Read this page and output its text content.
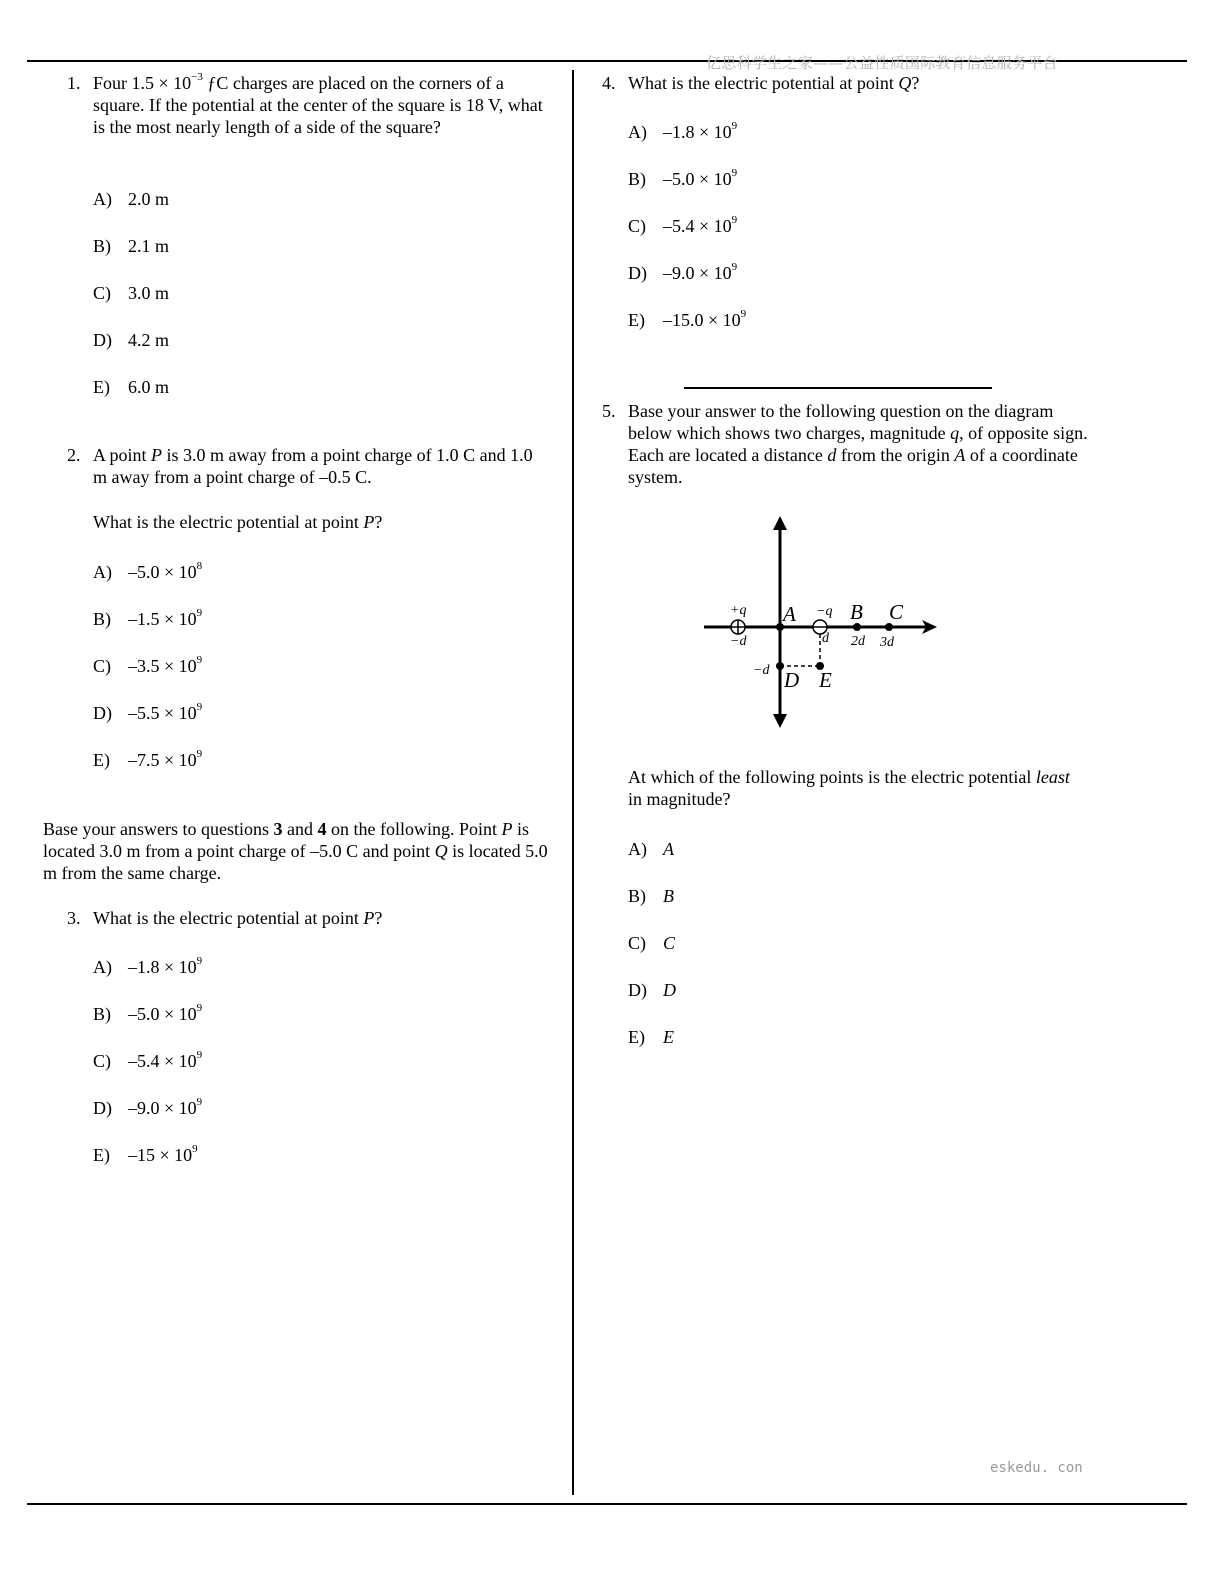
亿思科学生之家——公益性质国际教育信息服务平台
eskedu. con
1. Four $1.5 \times 10^{-3}$ ƒC charges are placed on the corners of a square. If the potential at the center of the square is 18 V, what is the most nearly length of a side of the square?
A) 2.0 m
B) 2.1 m
C) 3.0 m
D) 4.2 m
E) 6.0 m
2. A point P is 3.0 m away from a point charge of 1.0 C and 1.0 m away from a point charge of –0.5 C.
What is the electric potential at point P?
A) $-5.0 \times 10^8$
B) $-1.5 \times 10^9$
C) $-3.5 \times 10^9$
D) $-5.5 \times 10^9$
E) $-7.5 \times 10^9$
Base your answers to questions 3 and 4 on the following. Point P is located 3.0 m from a point charge of –5.0 C and point Q is located 5.0 m from the same charge.
3. What is the electric potential at point P?
A) $-1.8 \times 10^9$
B) $-5.0 \times 10^9$
C) $-5.4 \times 10^9$
D) $-9.0 \times 10^9$
E) $-15 \times 10^9$
4. What is the electric potential at point Q?
A) $-1.8 \times 10^9$
B) $-5.0 \times 10^9$
C) $-5.4 \times 10^9$
D) $-9.0 \times 10^9$
E) $-15.0 \times 10^9$
5. Base your answer to the following question on the diagram below which shows two charges, magnitude q, of opposite sign. Each are located a distance d from the origin A of a coordinate system.
+q
−d
A −q
d
B C
2d 3d
−d D E
At which of the following points is the electric potential least in magnitude?
A) A
B) B
C) C
D) D
E) E
